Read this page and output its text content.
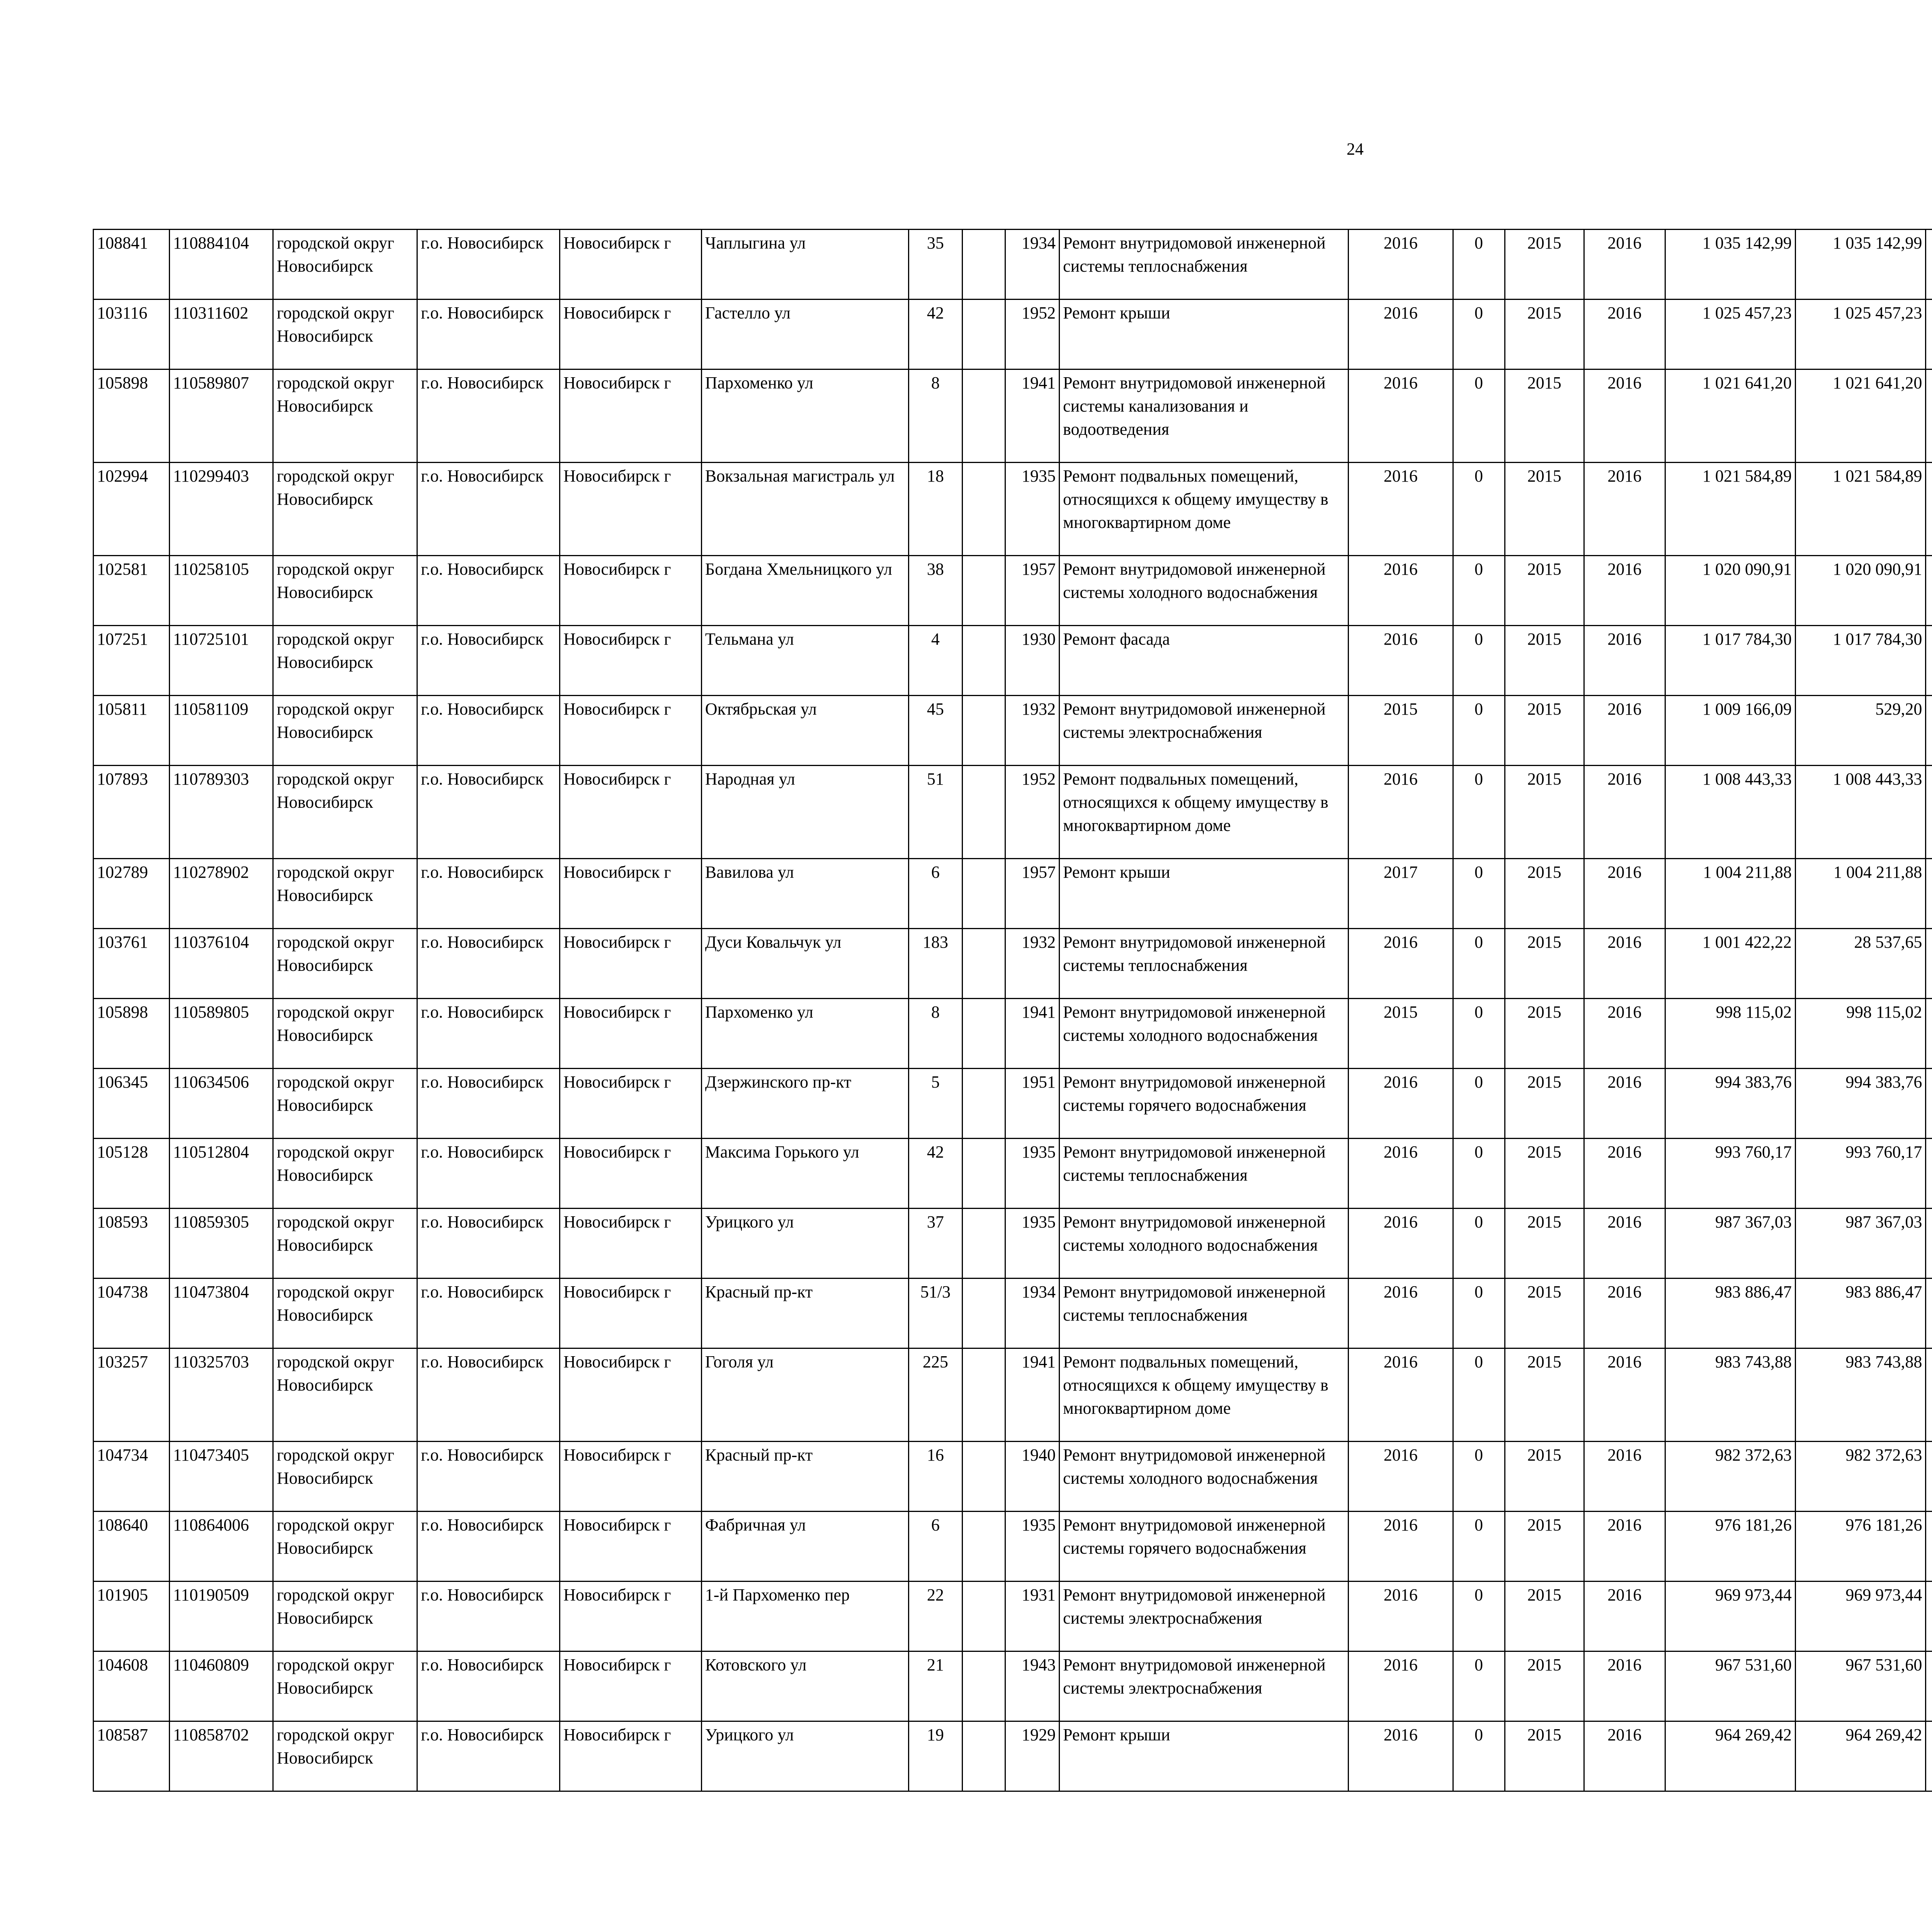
24
108841	110884104	городской округ Новосибирск	г.о. Новосибирск	Новосибирск г	Чаплыгина ул	35		1934	Ремонт внутридомовой инженерной системы теплоснабжения	2016	0	2015	2016	1 035 142,99	1 035 142,99					
103116	110311602	городской округ Новосибирск	г.о. Новосибирск	Новосибирск г	Гастелло ул	42		1952	Ремонт крыши	2016	0	2015	2016	1 025 457,23	1 025 457,23					
105898	110589807	городской округ Новосибирск	г.о. Новосибирск	Новосибирск г	Пархоменко ул	8		1941	Ремонт внутридомовой инженерной системы канализования и водоотведения	2016	0	2015	2016	1 021 641,20	1 021 641,20					
102994	110299403	городской округ Новосибирск	г.о. Новосибирск	Новосибирск г	Вокзальная магистраль ул	18		1935	Ремонт подвальных помещений, относящихся к общему имуществу в многоквартирном доме	2016	0	2015	2016	1 021 584,89	1 021 584,89					
102581	110258105	городской округ Новосибирск	г.о. Новосибирск	Новосибирск г	Богдана Хмельницкого ул	38		1957	Ремонт внутридомовой инженерной системы холодного водоснабжения	2016	0	2015	2016	1 020 090,91	1 020 090,91					
107251	110725101	городской округ Новосибирск	г.о. Новосибирск	Новосибирск г	Тельмана ул	4		1930	Ремонт фасада	2016	0	2015	2016	1 017 784,30	1 017 784,30					
105811	110581109	городской округ Новосибирск	г.о. Новосибирск	Новосибирск г	Октябрьская ул	45		1932	Ремонт внутридомовой инженерной системы электроснабжения	2015	0	2015	2016	1 009 166,09	529,20					
107893	110789303	городской округ Новосибирск	г.о. Новосибирск	Новосибирск г	Народная ул	51		1952	Ремонт подвальных помещений, относящихся к общему имуществу в многоквартирном доме	2016	0	2015	2016	1 008 443,33	1 008 443,33					
102789	110278902	городской округ Новосибирск	г.о. Новосибирск	Новосибирск г	Вавилова ул	6		1957	Ремонт крыши	2017	0	2015	2016	1 004 211,88	1 004 211,88					
103761	110376104	городской округ Новосибирск	г.о. Новосибирск	Новосибирск г	Дуси Ковальчук ул	183		1932	Ремонт внутридомовой инженерной системы теплоснабжения	2016	0	2015	2016	1 001 422,22	28 537,65					
105898	110589805	городской округ Новосибирск	г.о. Новосибирск	Новосибирск г	Пархоменко ул	8		1941	Ремонт внутридомовой инженерной системы холодного водоснабжения	2015	0	2015	2016	998 115,02	998 115,02					
106345	110634506	городской округ Новосибирск	г.о. Новосибирск	Новосибирск г	Дзержинского пр-кт	5		1951	Ремонт внутридомовой инженерной системы горячего водоснабжения	2016	0	2015	2016	994 383,76	994 383,76					
105128	110512804	городской округ Новосибирск	г.о. Новосибирск	Новосибирск г	Максима Горького ул	42		1935	Ремонт внутридомовой инженерной системы теплоснабжения	2016	0	2015	2016	993 760,17	993 760,17					
108593	110859305	городской округ Новосибирск	г.о. Новосибирск	Новосибирск г	Урицкого ул	37		1935	Ремонт внутридомовой инженерной системы холодного водоснабжения	2016	0	2015	2016	987 367,03	987 367,03					
104738	110473804	городской округ Новосибирск	г.о. Новосибирск	Новосибирск г	Красный пр-кт	51/3		1934	Ремонт внутридомовой инженерной системы теплоснабжения	2016	0	2015	2016	983 886,47	983 886,47					
103257	110325703	городской округ Новосибирск	г.о. Новосибирск	Новосибирск г	Гоголя ул	225		1941	Ремонт подвальных помещений, относящихся к общему имуществу в многоквартирном доме	2016	0	2015	2016	983 743,88	983 743,88					
104734	110473405	городской округ Новосибирск	г.о. Новосибирск	Новосибирск г	Красный пр-кт	16		1940	Ремонт внутридомовой инженерной системы холодного водоснабжения	2016	0	2015	2016	982 372,63	982 372,63					
108640	110864006	городской округ Новосибирск	г.о. Новосибирск	Новосибирск г	Фабричная ул	6		1935	Ремонт внутридомовой инженерной системы горячего водоснабжения	2016	0	2015	2016	976 181,26	976 181,26					
101905	110190509	городской округ Новосибирск	г.о. Новосибирск	Новосибирск г	1-й Пархоменко пер	22		1931	Ремонт внутридомовой инженерной системы электроснабжения	2016	0	2015	2016	969 973,44	969 973,44					
104608	110460809	городской округ Новосибирск	г.о. Новосибирск	Новосибирск г	Котовского ул	21		1943	Ремонт внутридомовой инженерной системы электроснабжения	2016	0	2015	2016	967 531,60	967 531,60					
108587	110858702	городской округ Новосибирск	г.о. Новосибирск	Новосибирск г	Урицкого ул	19		1929	Ремонт крыши	2016	0	2015	2016	964 269,42	964 269,42					
